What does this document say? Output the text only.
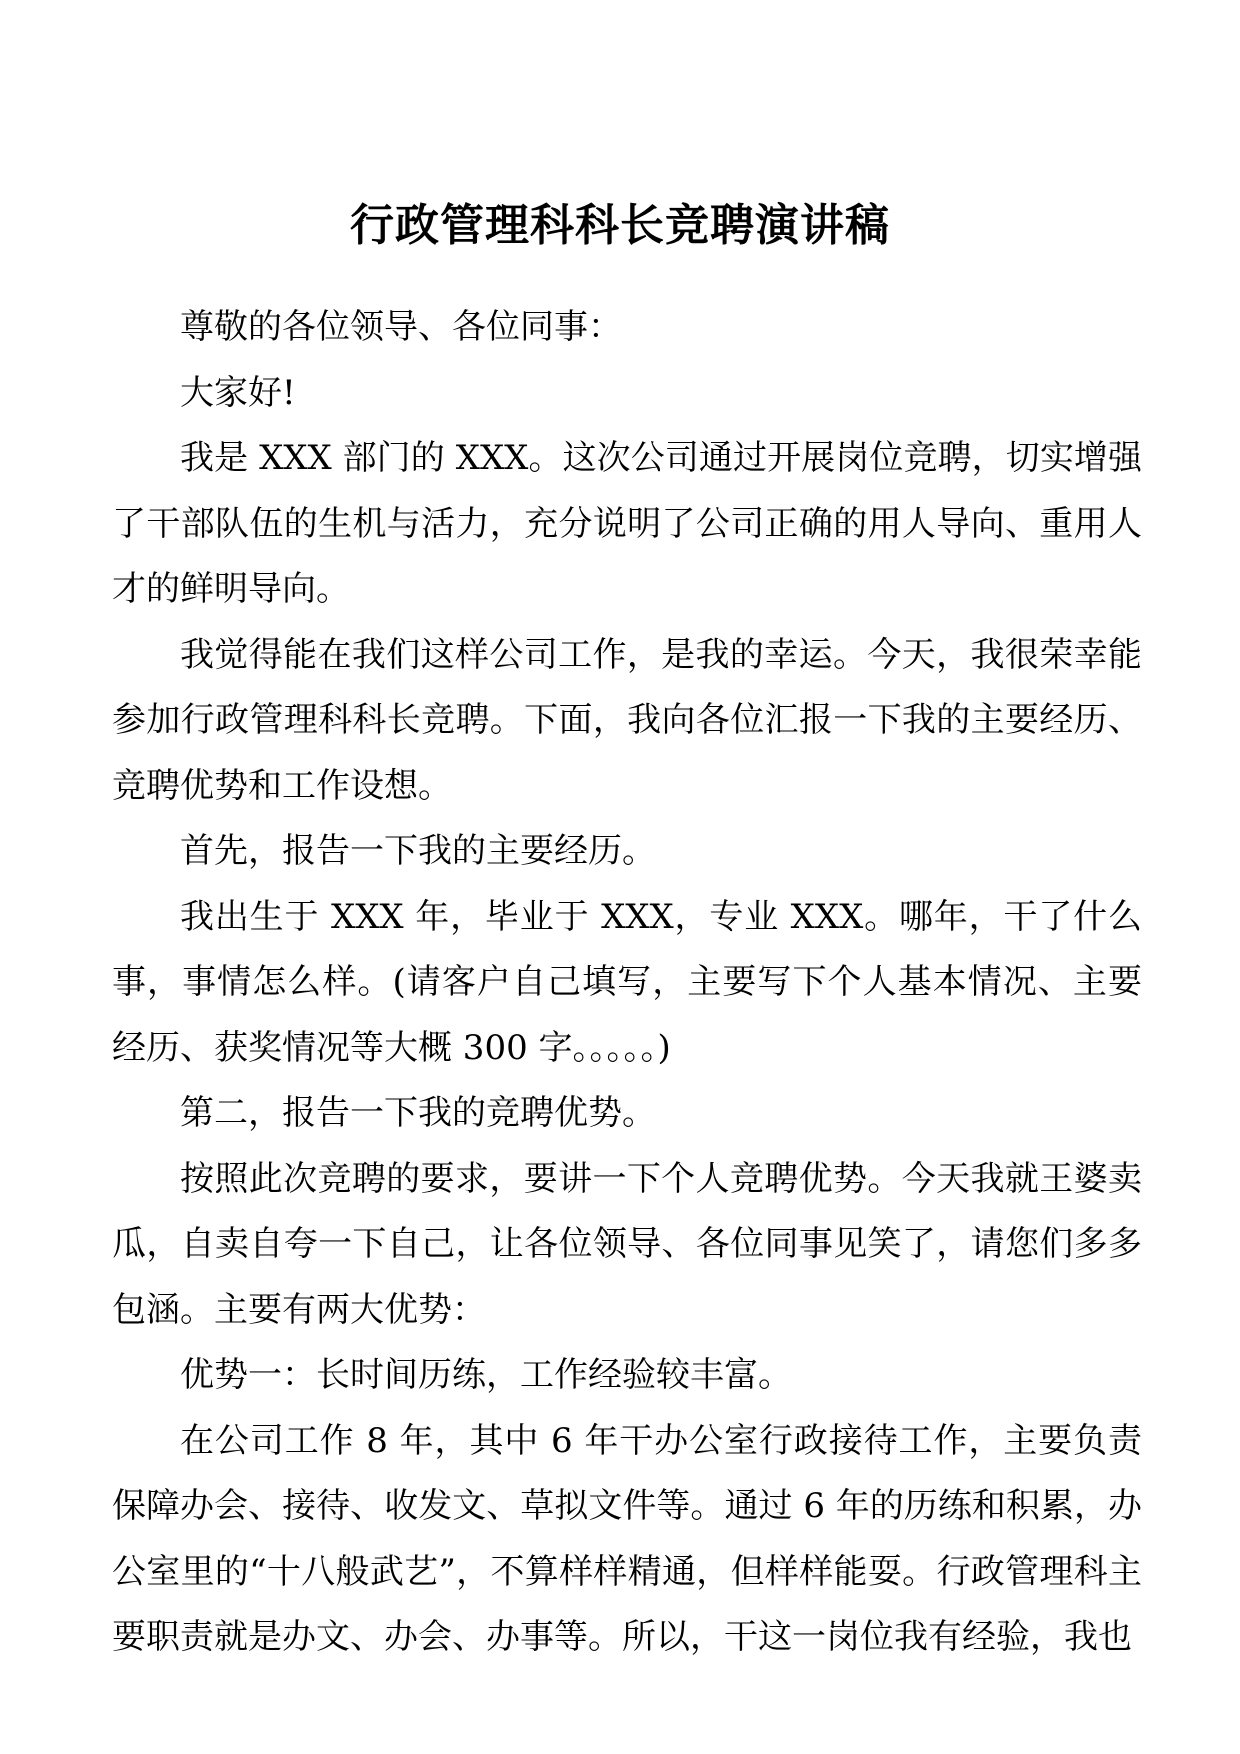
行政管理科科长竞聘演讲稿

尊敬的各位领导、各位同事：

大家好!

我是 XXX 部门的 XXX。这次公司通过开展岗位竞聘，切实增强了干部队伍的生机与活力，充分说明了公司正确的用人导向、重用人才的鲜明导向。

我觉得能在我们这样公司工作，是我的幸运。今天，我很荣幸能参加行政管理科科长竞聘。下面，我向各位汇报一下我的主要经历、竞聘优势和工作设想。

首先，报告一下我的主要经历。

我出生于 XXX 年，毕业于 XXX，专业 XXX。哪年，干了什么事，事情怎么样。(请客户自己填写，主要写下个人基本情况、主要经历、获奖情况等大概 300 字。。。。。)

第二，报告一下我的竞聘优势。

按照此次竞聘的要求，要讲一下个人竞聘优势。今天我就王婆卖瓜，自卖自夸一下自己，让各位领导、各位同事见笑了，请您们多多包涵。主要有两大优势：

优势一：长时间历练，工作经验较丰富。

在公司工作 8 年，其中 6 年干办公室行政接待工作，主要负责保障办会、接待、收发文、草拟文件等。通过 6 年的历练和积累，办公室里的“十八般武艺”，不算样样精通，但样样能耍。行政管理科主要职责就是办文、办会、办事等。所以，干这一岗位我有经验，我也
